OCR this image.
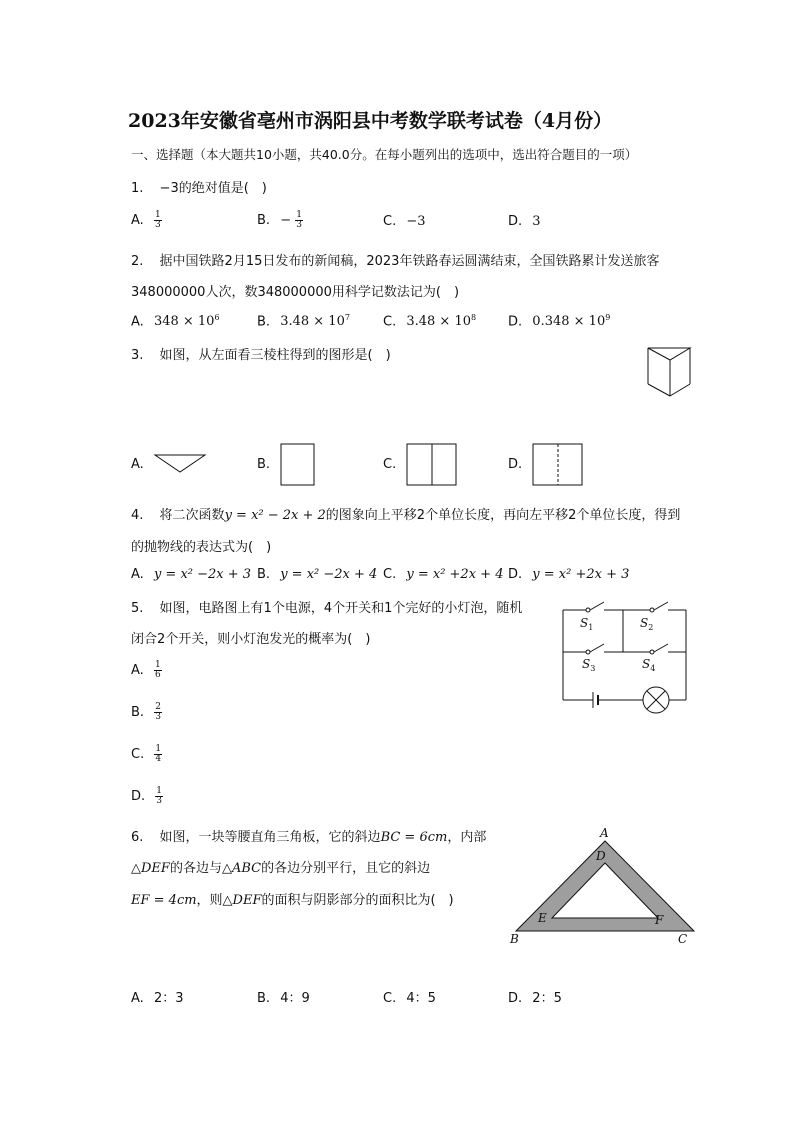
2023年安徽省亳州市涡阳县中考数学联考试卷（4月份）
一、选择题（本大题共10小题，共40.0分。在每小题列出的选项中，选出符合题目的一项）
1. −3的绝对值是(　)
A. $\frac{1}{3}$	B. − $\frac{1}{3}$	C. −3	D. 3
2. 据中国铁路2月15日发布的新闻稿，2023年铁路春运圆满结束，全国铁路累计发送旅客
348000000人次，数348000000用科学记数法记为(　)
A. $348 \times 10^6$	B. $3.48 \times 10^7$	C. $3.48 \times 10^8$ D. $0.348 \times 10^9$
3. 如图，从左面看三棱柱得到的图形是(　)
A.	B.	C.	D.
4. 将二次函数y = x² − 2x + 2的图象向上平移2个单位长度，再向左平移2个单位长度，得到
的抛物线的表达式为(　)
A. y = x² −2x + 3 B. y = x² −2x + 4 C. y = x² +2x + 4 D. y = x² +2x + 3
5. 如图，电路图上有1个电源，4个开关和1个完好的小灯泡，随机
闭合2个开关，则小灯泡发光的概率为(　)
A. $\frac{1}{6}$
B. $\frac{2}{3}$
C. $\frac{1}{4}$
D. $\frac{1}{3}$
$S_1$	$S_2$
$S_3$	$S_4$
6. 如图，一块等腰直角三角板，它的斜边BC = 6cm，内部
△DEF的各边与△ABC的各边分别平行，且它的斜边
EF = 4cm，则△DEF的面积与阴影部分的面积比为(　)
A
D
B
E	F
C
A. 2：3	B. 4：9	C. 4：5	D. 2：5
